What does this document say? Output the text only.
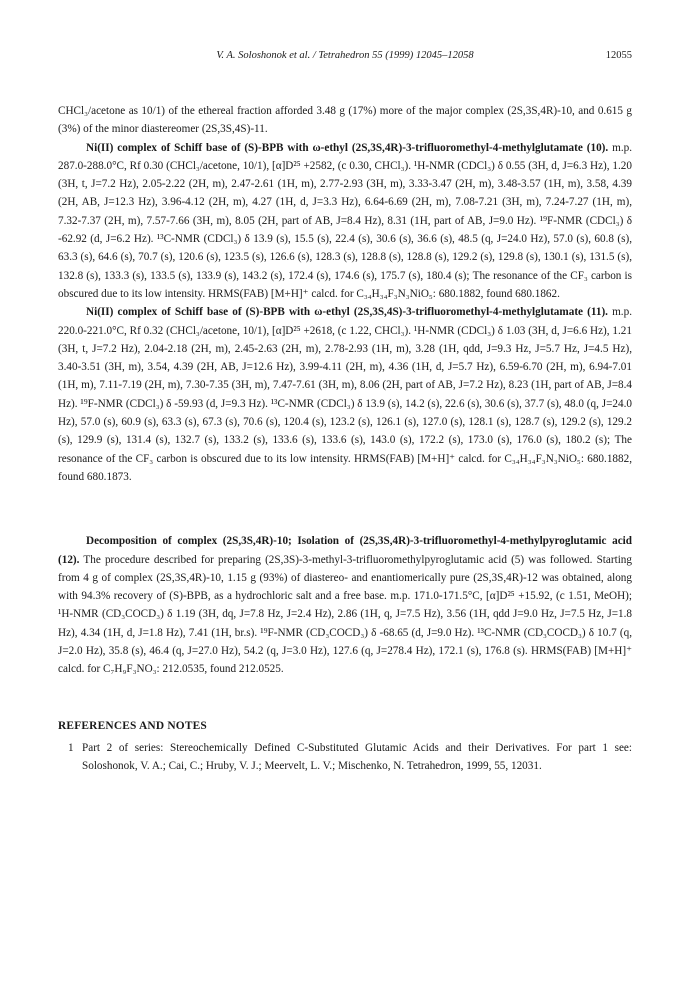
V. A. Soloshonok et al. / Tetrahedron 55 (1999) 12045–12058	12055

CHCl₃/acetone as 10/1) of the ethereal fraction afforded 3.48 g (17%) more of the major complex (2S,3S,4R)-10, and 0.615 g (3%) of the minor diastereomer (2S,3S,4S)-11.

Ni(II) complex of Schiff base of (S)-BPB with ω-ethyl (2S,3S,4R)-3-trifluoromethyl-4-methylglutamate (10). m.p. 287.0-288.0°C, Rf 0.30 (CHCl₃/acetone, 10/1), [α]D²⁵ +2582, (c 0.30, CHCl₃). ¹H-NMR (CDCl₃) δ 0.55 (3H, d, J=6.3 Hz), 1.20 (3H, t, J=7.2 Hz), 2.05-2.22 (2H, m), 2.47-2.61 (1H, m), 2.77-2.93 (3H, m), 3.33-3.47 (2H, m), 3.48-3.57 (1H, m), 3.58, 4.39 (2H, AB, J=12.3 Hz), 3.96-4.12 (2H, m), 4.27 (1H, d, J=3.3 Hz), 6.64-6.69 (2H, m), 7.08-7.21 (3H, m), 7.24-7.27 (1H, m), 7.32-7.37 (2H, m), 7.57-7.66 (3H, m), 8.05 (2H, part of AB, J=8.4 Hz), 8.31 (1H, part of AB, J=9.0 Hz). ¹⁹F-NMR (CDCl₃) δ -62.92 (d, J=6.2 Hz). ¹³C-NMR (CDCl₃) δ 13.9 (s), 15.5 (s), 22.4 (s), 30.6 (s), 36.6 (s), 48.5 (q, J=24.0 Hz), 57.0 (s), 60.8 (s), 63.3 (s), 64.6 (s), 70.7 (s), 120.6 (s), 123.5 (s), 126.6 (s), 128.3 (s), 128.8 (s), 128.8 (s), 129.2 (s), 129.8 (s), 130.1 (s), 131.5 (s), 132.8 (s), 133.3 (s), 133.5 (s), 133.9 (s), 143.2 (s), 172.4 (s), 174.6 (s), 175.7 (s), 180.4 (s); The resonance of the CF₃ carbon is obscured due to its low intensity. HRMS(FAB) [M+H]⁺ calcd. for C₃₄H₃₄F₃N₃NiO₅: 680.1882, found 680.1862.

Ni(II) complex of Schiff base of (S)-BPB with ω-ethyl (2S,3S,4S)-3-trifluoromethyl-4-methylglutamate (11). m.p. 220.0-221.0°C, Rf 0.32 (CHCl₃/acetone, 10/1), [α]D²⁵ +2618, (c 1.22, CHCl₃). ¹H-NMR (CDCl₃) δ 1.03 (3H, d, J=6.6 Hz), 1.21 (3H, t, J=7.2 Hz), 2.04-2.18 (2H, m), 2.45-2.63 (2H, m), 2.78-2.93 (1H, m), 3.28 (1H, qdd, J=9.3 Hz, J=5.7 Hz, J=4.5 Hz), 3.40-3.51 (3H, m), 3.54, 4.39 (2H, AB, J=12.6 Hz), 3.99-4.11 (2H, m), 4.36 (1H, d, J=5.7 Hz), 6.59-6.70 (2H, m), 6.94-7.01 (1H, m), 7.11-7.19 (2H, m), 7.30-7.35 (3H, m), 7.47-7.61 (3H, m), 8.06 (2H, part of AB, J=7.2 Hz), 8.23 (1H, part of AB, J=8.4 Hz). ¹⁹F-NMR (CDCl₃) δ -59.93 (d, J=9.3 Hz). ¹³C-NMR (CDCl₃) δ 13.9 (s), 14.2 (s), 22.6 (s), 30.6 (s), 37.7 (s), 48.0 (q, J=24.0 Hz), 57.0 (s), 60.9 (s), 63.3 (s), 67.3 (s), 70.6 (s), 120.4 (s), 123.2 (s), 126.1 (s), 127.0 (s), 128.1 (s), 128.7 (s), 129.2 (s), 129.2 (s), 129.9 (s), 131.4 (s), 132.7 (s), 133.2 (s), 133.6 (s), 133.6 (s), 143.0 (s), 172.2 (s), 173.0 (s), 176.0 (s), 180.2 (s); The resonance of the CF₃ carbon is obscured due to its low intensity. HRMS(FAB) [M+H]⁺ calcd. for C₃₄H₃₄F₃N₃NiO₅: 680.1882, found 680.1873.

Decomposition of complex (2S,3S,4R)-10; Isolation of (2S,3S,4R)-3-trifluoromethyl-4-methylpyroglutamic acid (12). The procedure described for preparing (2S,3S)-3-methyl-3-trifluoromethylpyroglutamic acid (5) was followed. Starting from 4 g of complex (2S,3S,4R)-10, 1.15 g (93%) of diastereo- and enantiomerically pure (2S,3S,4R)-12 was obtained, along with 94.3% recovery of (S)-BPB, as a hydrochloric salt and a free base. m.p. 171.0-171.5°C, [α]D²⁵ +15.92, (c 1.51, MeOH); ¹H-NMR (CD₃COCD₃) δ 1.19 (3H, dq, J=7.8 Hz, J=2.4 Hz), 2.86 (1H, q, J=7.5 Hz), 3.56 (1H, qdd J=9.0 Hz, J=7.5 Hz, J=1.8 Hz), 4.34 (1H, d, J=1.8 Hz), 7.41 (1H, br.s). ¹⁹F-NMR (CD₃COCD₃) δ -68.65 (d, J=9.0 Hz). ¹³C-NMR (CD₃COCD₃) δ 10.7 (q, J=2.0 Hz), 35.8 (s), 46.4 (q, J=27.0 Hz), 54.2 (q, J=3.0 Hz), 127.6 (q, J=278.4 Hz), 172.1 (s), 176.8 (s). HRMS(FAB) [M+H]⁺ calcd. for C₇H₉F₃NO₃: 212.0535, found 212.0525.

REFERENCES AND NOTES
1 Part 2 of series: Stereochemically Defined C-Substituted Glutamic Acids and their Derivatives. For part 1 see: Soloshonok, V. A.; Cai, C.; Hruby, V. J.; Meervelt, L. V.; Mischenko, N. Tetrahedron, 1999, 55, 12031.
